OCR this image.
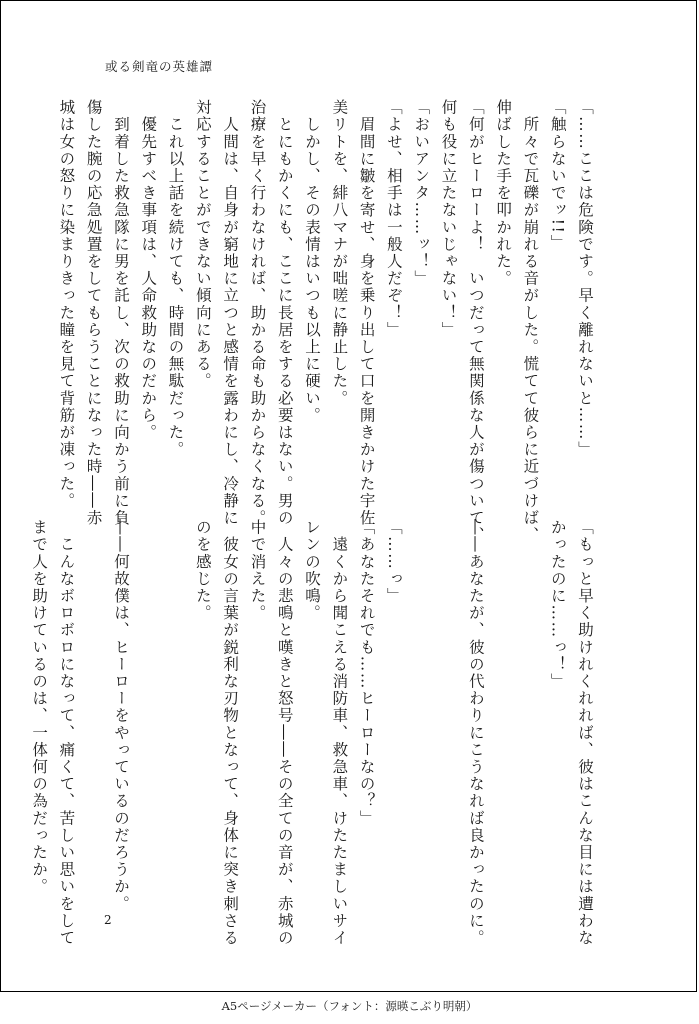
或る剣竜の英雄譚
「……ここは危険です。早く離れないと……」
「触らないでッ!!」
　所々で瓦礫が崩れる音がした。慌てて彼らに近づけば、
伸ばした手を叩かれた。
「何がヒーローよ！　いつだって無関係な人が傷ついて、
何も役に立たないじゃない！」
「おいアンタ……ッ！」
「よせ、相手は一般人だぞ！」
　眉間に皺を寄せ、身を乗り出して口を開きかけた宇佐
美リトを、緋八マナが咄嗟に静止した。
　しかし、その表情はいつも以上に硬い。
　とにもかくにも、ここに長居をする必要はない。男の
治療を早く行わなければ、助かる命も助からなくなる。
　人間は、自身が窮地に立つと感情を露わにし、冷静に
対応することができない傾向にある。
　これ以上話を続けても、時間の無駄だった。
　優先すべき事項は、人命救助なのだから。
　到着した救急隊に男を託し、次の救助に向かう前に負
傷した腕の応急処置をしてもらうことになった時――赤
城は女の怒りに染まりきった瞳を見て背筋が凍った。
「もっと早く助けれくれれば、彼はこんな目には遭わな
かったのに……っ！」

――あなたが、彼の代わりにこうなれば良かったのに。

「……っ」
「あなたそれでも……ヒーローなの？」
　遠くから聞こえる消防車、救急車、けたたましいサイ
レンの吹鳴。
　人々の悲鳴と嘆きと怒号――その全ての音が、赤城の
中で消えた。
　彼女の言葉が鋭利な刃物となって、身体に突き刺さる
のを感じた。

――何故僕は、ヒーローをやっているのだろうか。

　こんなボロボロになって、痛くて、苦しい思いをして
まで人を助けているのは、一体何の為だったか。
2
A5ページメーカー（フォント：源暎こぶり明朝）
